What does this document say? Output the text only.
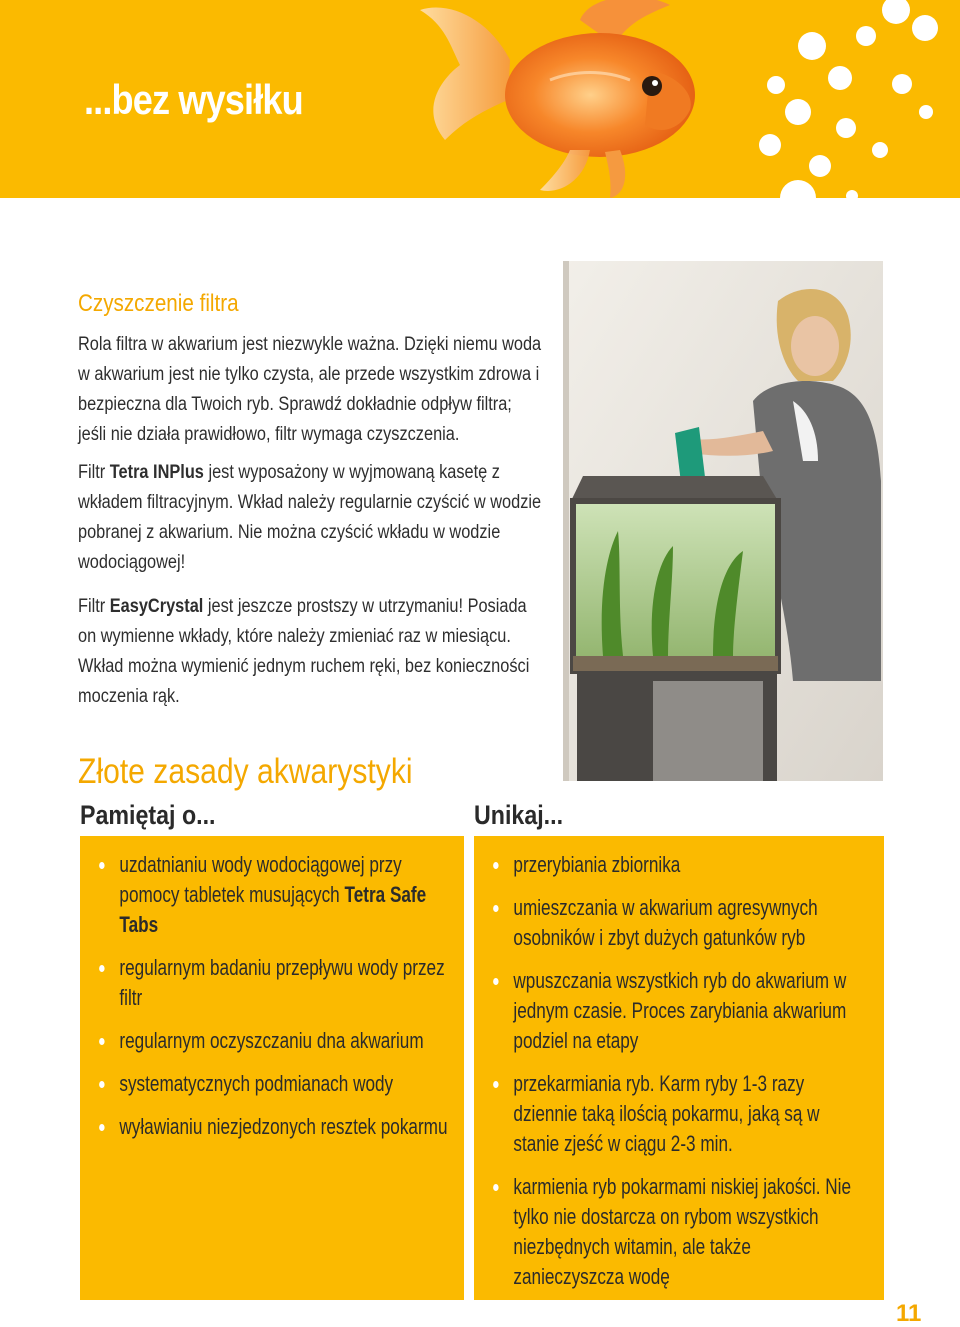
...bez wysiłku
Czyszczenie filtra

Rola filtra w akwarium jest niezwykle ważna. Dzięki niemu woda w akwarium jest nie tylko czysta, ale przede wszystkim zdrowa i bezpieczna dla Twoich ryb. Sprawdź dokładnie odpływ filtra; jeśli nie działa prawidłowo, filtr wymaga czyszczenia.

Filtr Tetra INPlus jest wyposażony w wyjmowaną kasetę z wkładem filtracyjnym. Wkład należy regularnie czyścić w wodzie pobranej z akwarium. Nie można czyścić wkładu w wodzie wodociągowej!

Filtr EasyCrystal jest jeszcze prostszy w utrzymaniu! Posiada on wymienne wkłady, które należy zmieniać raz w miesiącu. Wkład można wymienić jednym ruchem ręki, bez konieczności moczenia rąk.

Złote zasady akwarystyki
Pamiętaj o...	Unikaj...
uzdatnianiu wody wodociągowej przy pomocy tabletek musujących Tetra Safe Tabs
regularnym badaniu przepływu wody przez filtr
regularnym oczyszczaniu dna akwarium
systematycznych podmianach wody
wyławianiu niezjedzonych resztek pokarmu
przerybiania zbiornika
umieszczania w akwarium agresywnych osobników i zbyt dużych gatunków ryb
wpuszczania wszystkich ryb do akwarium w jednym czasie. Proces zarybiania akwarium podziel na etapy
przekarmiania ryb. Karm ryby 1-3 razy dziennie taką ilością pokarmu, jaką są w stanie zjeść w ciągu 2-3 min.
karmienia ryb pokarmami niskiej jakości. Nie tylko nie dostarcza on rybom wszystkich niezbędnych witamin, ale także zanieczyszcza wodę
11
